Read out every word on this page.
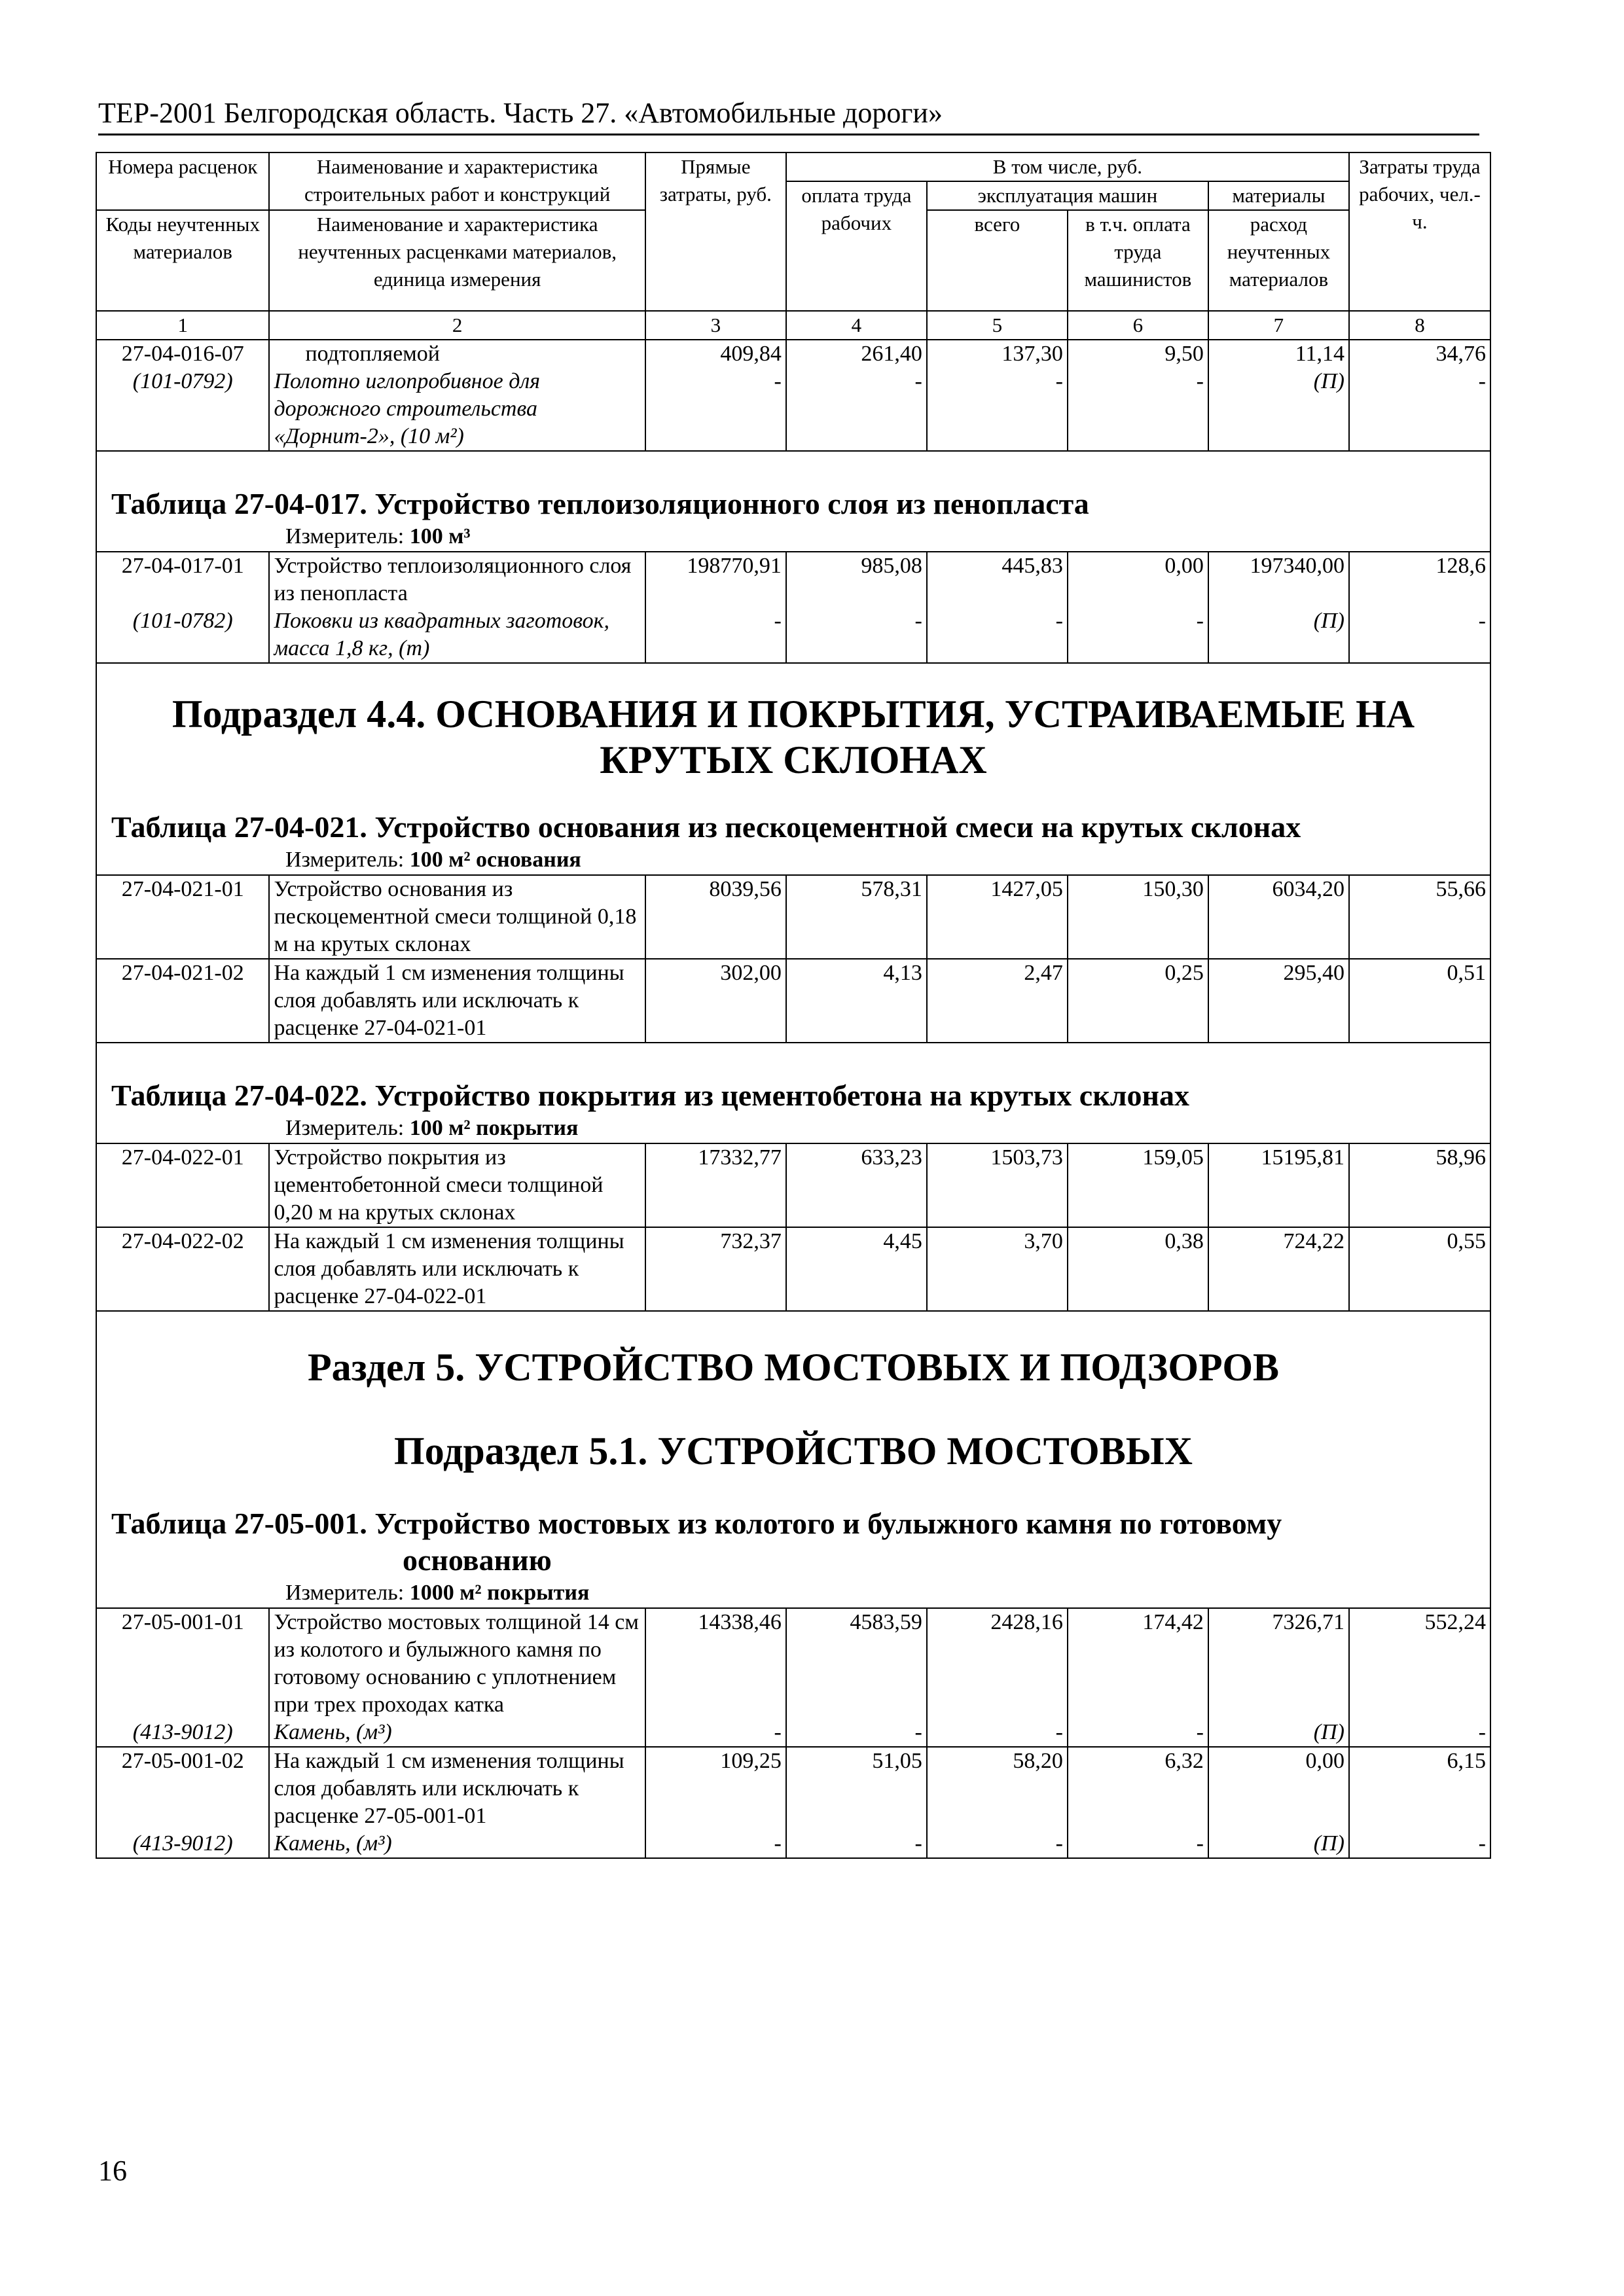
ТЕР-2001 Белгородская область. Часть 27. «Автомобильные дороги»
Номера расценок	Наименование и характеристика строительных работ и конструкций	Прямые затраты, руб.	В том числе, руб.				Затраты труда рабочих, чел.-ч.
			оплата труда рабочих	эксплуатация машин		материалы	
Коды неучтенных материалов	Наименование и характеристика неучтенных расценками материалов, единица измерения			всего	в т.ч. оплата труда машинистов	расход неучтенных материалов	

1	2	3	4	5	6	7	8
27-04-016-07	подтопляемой	409,84	261,40	137,30	9,50	11,14	34,76
(101-0792)	Полотно иглопробивное для дорожного строительства «Дорнит-2», (10 м²)	-	-	-	-	(П)	-

Таблица 27-04-017. Устройство теплоизоляционного слоя из пенопласта
Измеритель: 100 м³							

27-04-017-01	Устройство теплоизоляционного слоя из пенопласта	198770,91	985,08	445,83	0,00	197340,00	128,6
(101-0782)	Поковки из квадратных заготовок, масса 1,8 кг, (т)	-	-	-	-	(П)	-

Подраздел 4.4. ОСНОВАНИЯ И ПОКРЫТИЯ, УСТРАИВАЕМЫЕ НА КРУТЫХ СКЛОНАХ
Таблица 27-04-021. Устройство основания из пескоцементной смеси на крутых склонах
Измеритель: 100 м² основания							

27-04-021-01	Устройство основания из пескоцементной смеси толщиной 0,18 м на крутых склонах	8039,56	578,31	1427,05	150,30	6034,20	55,66
27-04-021-02	На каждый 1 см изменения толщины слоя добавлять или исключать к расценке 27-04-021-01	302,00	4,13	2,47	0,25	295,40	0,51

Таблица 27-04-022. Устройство покрытия из цементобетона на крутых склонах
Измеритель: 100 м² покрытия							

27-04-022-01	Устройство покрытия из цементобетонной смеси толщиной 0,20 м на крутых склонах	17332,77	633,23	1503,73	159,05	15195,81	58,96
27-04-022-02	На каждый 1 см изменения толщины слоя добавлять или исключать к расценке 27-04-022-01	732,37	4,45	3,70	0,38	724,22	0,55

Раздел 5. УСТРОЙСТВО МОСТОВЫХ И ПОДЗОРОВ
Подраздел 5.1. УСТРОЙСТВО МОСТОВЫХ
Таблица 27-05-001. Устройство мостовых из колотого и булыжного камня по готовому
основанию
Измеритель: 1000 м² покрытия							

27-05-001-01	Устройство мостовых толщиной 14 см из колотого и булыжного камня по готовому основанию с уплотнением при трех проходах катка	14338,46	4583,59	2428,16	174,42	7326,71	552,24
(413-9012)	Камень, (м³)	-	-	-	-	(П)	-
27-05-001-02	На каждый 1 см изменения толщины слоя добавлять или исключать к расценке 27-05-001-01	109,25	51,05	58,20	6,32	0,00	6,15
(413-9012)	Камень, (м³)	-	-	-	-	(П)	-
16
